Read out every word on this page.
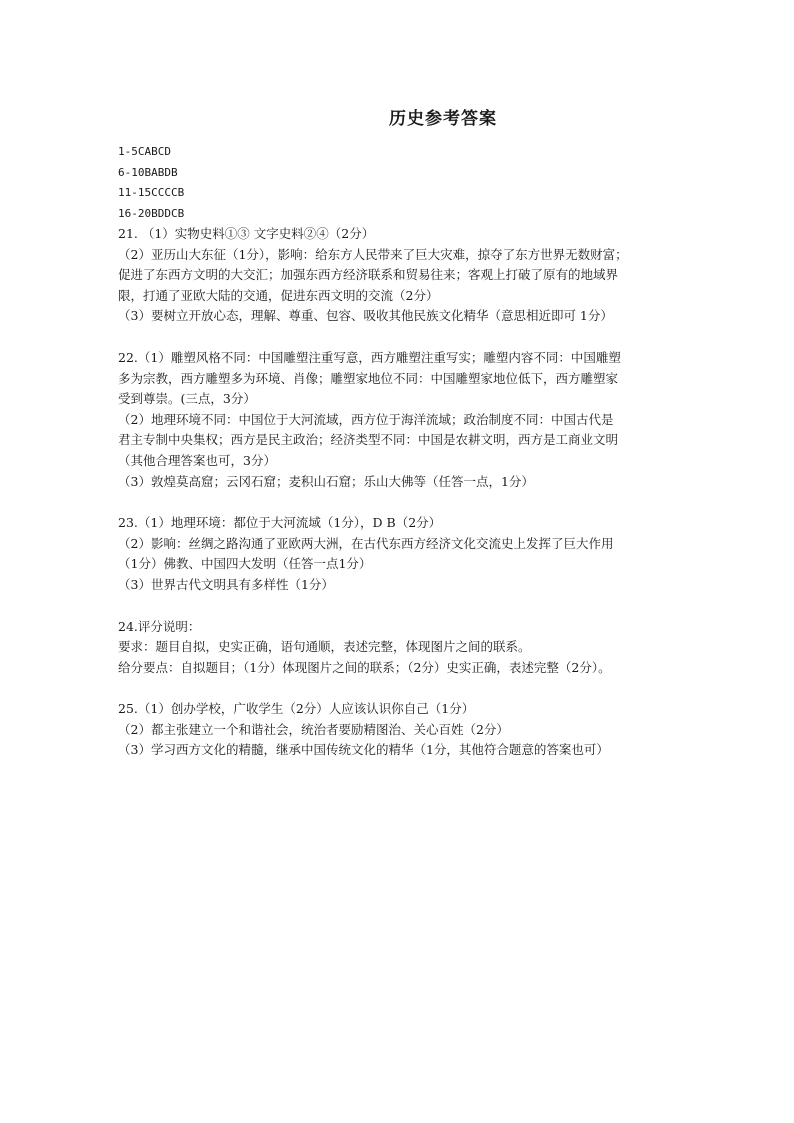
历史参考答案
1-5CABCD
6-10BABDB
11-15CCCCB
16-20BDDCB
21. （1）实物史料①③ 文字史料②④（2分）
（2）亚历山大东征（1分），影响：给东方人民带来了巨大灾难，掠夺了东方世界无数财富；
促进了东西方文明的大交汇；加强东西方经济联系和贸易往来；客观上打破了原有的地域界
限，打通了亚欧大陆的交通，促进东西文明的交流（2分）
（3）要树立开放心态，理解、尊重、包容、吸收其他民族文化精华（意思相近即可 1分）
22.（1）雕塑风格不同：中国雕塑注重写意，西方雕塑注重写实；雕塑内容不同：中国雕塑
多为宗教，西方雕塑多为环境、肖像；雕塑家地位不同：中国雕塑家地位低下，西方雕塑家
受到尊崇。(三点，3分）
（2）地理环境不同：中国位于大河流域，西方位于海洋流域；政治制度不同：中国古代是
君主专制中央集权；西方是民主政治；经济类型不同：中国是农耕文明，西方是工商业文明
（其他合理答案也可，3分）
（3）敦煌莫高窟；云冈石窟；麦积山石窟；乐山大佛等（任答一点，1分）
23.（1）地理环境：都位于大河流域（1分），D B（2分）
（2）影响：丝绸之路沟通了亚欧两大洲，在古代东西方经济文化交流史上发挥了巨大作用
（1分）佛教、中国四大发明（任答一点1分）
（3）世界古代文明具有多样性（1分）
24.评分说明：
要求：题目自拟，史实正确，语句通顺，表述完整，体现图片之间的联系。
给分要点：自拟题目；（1分）体现图片之间的联系；（2分）史实正确，表述完整（2分）。
25.（1）创办学校，广收学生（2分）人应该认识你自己（1分）
（2）都主张建立一个和谐社会，统治者要励精图治、关心百姓（2分）
（3）学习西方文化的精髓，继承中国传统文化的精华（1分，其他符合题意的答案也可）
